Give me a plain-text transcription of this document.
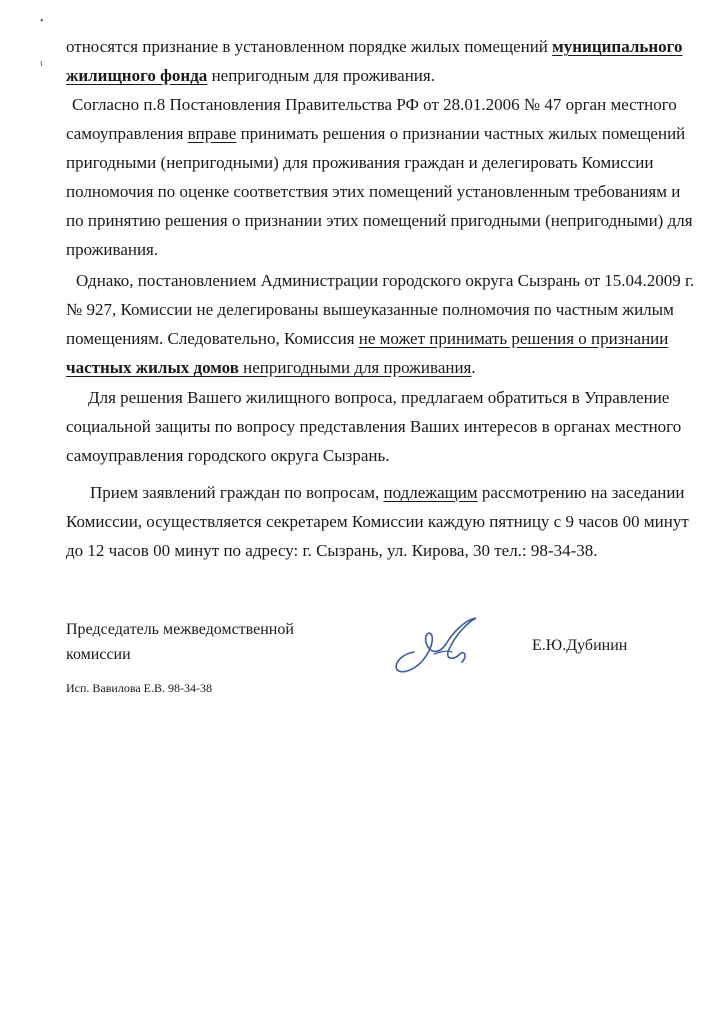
•
ι

относятся признание в установленном порядке жилых помещений муниципального жилищного фонда непригодным для проживания.

Согласно п.8 Постановления Правительства РФ от 28.01.2006 № 47 орган местного самоуправления вправе принимать решения о признании частных жилых помещений пригодными (непригодными) для проживания граждан и делегировать Комиссии полномочия по оценке соответствия этих помещений установленным требованиям и по принятию решения о признании этих помещений пригодными (непригодными) для проживания.

Однако, постановлением Администрации городского округа Сызрань от 15.04.2009 г. № 927, Комиссии не делегированы вышеуказанные полномочия по частным жилым помещениям. Следовательно, Комиссия не может принимать решения о признании частных жилых домов непригодными для проживания.

Для решения Вашего жилищного вопроса, предлагаем обратиться в Управление социальной защиты по вопросу представления Ваших интересов в органах местного самоуправления городского округа Сызрань.

Прием заявлений граждан по вопросам, подлежащим рассмотрению на заседании Комиссии, осуществляется секретарем Комиссии каждую пятницу с 9 часов 00 минут до 12 часов 00 минут по адресу: г. Сызрань, ул. Кирова, 30 тел.: 98-34-38.

Председатель межведомственной
комиссии
Е.Ю.Дубинин
Исп. Вавилова Е.В. 98-34-38
